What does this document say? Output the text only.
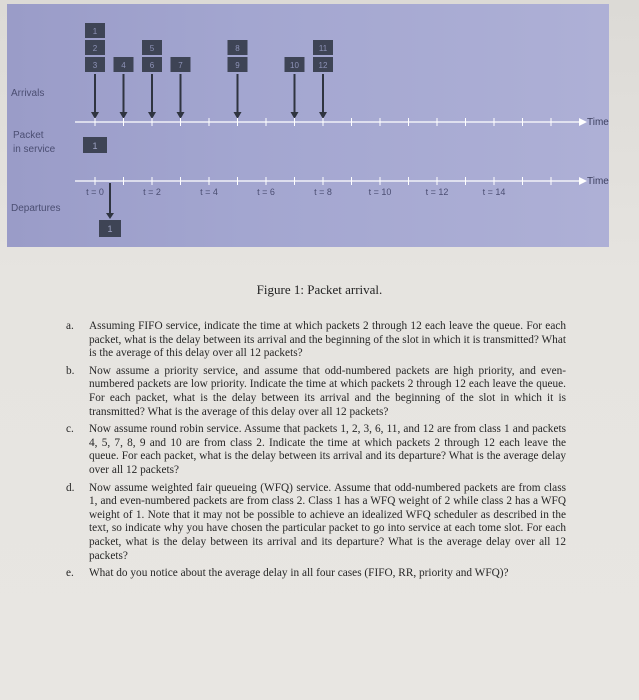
1
2
3	4
5
6	7
8
9	10
11
12
Arrivals
Packet
in service
Departures
Time
1
Time
t = 0	t = 2	t = 4	t = 6	t = 8	t = 10	t = 12	t = 14
1
Figure 1: Packet arrival.
a. Assuming FIFO service, indicate the time at which packets 2 through 12 each leave the queue. For each packet, what is the delay between its arrival and the beginning of the slot in which it is transmitted? What is the average of this delay over all 12 packets?
b. Now assume a priority service, and assume that odd-numbered packets are high priority, and even-numbered packets are low priority. Indicate the time at which packets 2 through 12 each leave the queue. For each packet, what is the delay between its arrival and the beginning of the slot in which it is transmitted? What is the average of this delay over all 12 packets?
c. Now assume round robin service. Assume that packets 1, 2, 3, 6, 11, and 12 are from class 1 and packets 4, 5, 7, 8, 9 and 10 are from class 2. Indicate the time at which packets 2 through 12 each leave the queue. For each packet, what is the delay between its arrival and its departure? What is the average delay over all 12 packets?
d. Now assume weighted fair queueing (WFQ) service. Assume that odd-numbered packets are from class 1, and even-numbered packets are from class 2. Class 1 has a WFQ weight of 2 while class 2 has a WFQ weight of 1. Note that it may not be possible to achieve an idealized WFQ scheduler as described in the text, so indicate why you have chosen the particular packet to go into service at each tome slot. For each packet, what is the delay between its arrival and its departure? What is the average delay over all 12 packets?
e. What do you notice about the average delay in all four cases (FIFO, RR, priority and WFQ)?
